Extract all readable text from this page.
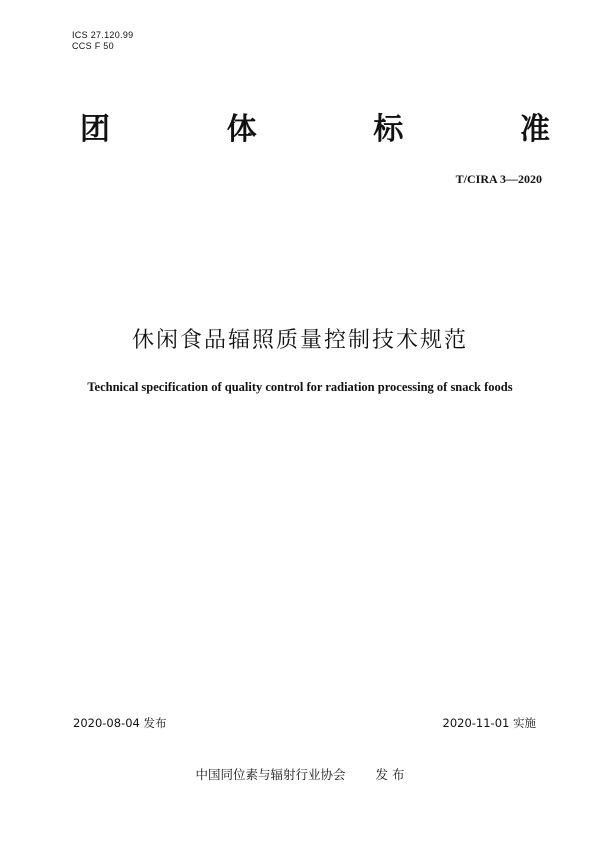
ICS 27.120.99
CCS F 50
团	体	标	准
T/CIRA 3—2020
休闲食品辐照质量控制技术规范
Technical specification of quality control for radiation processing of snack foods
2020-08-04 发布	2020-11-01 实施
中国同位素与辐射行业协会 发 布
